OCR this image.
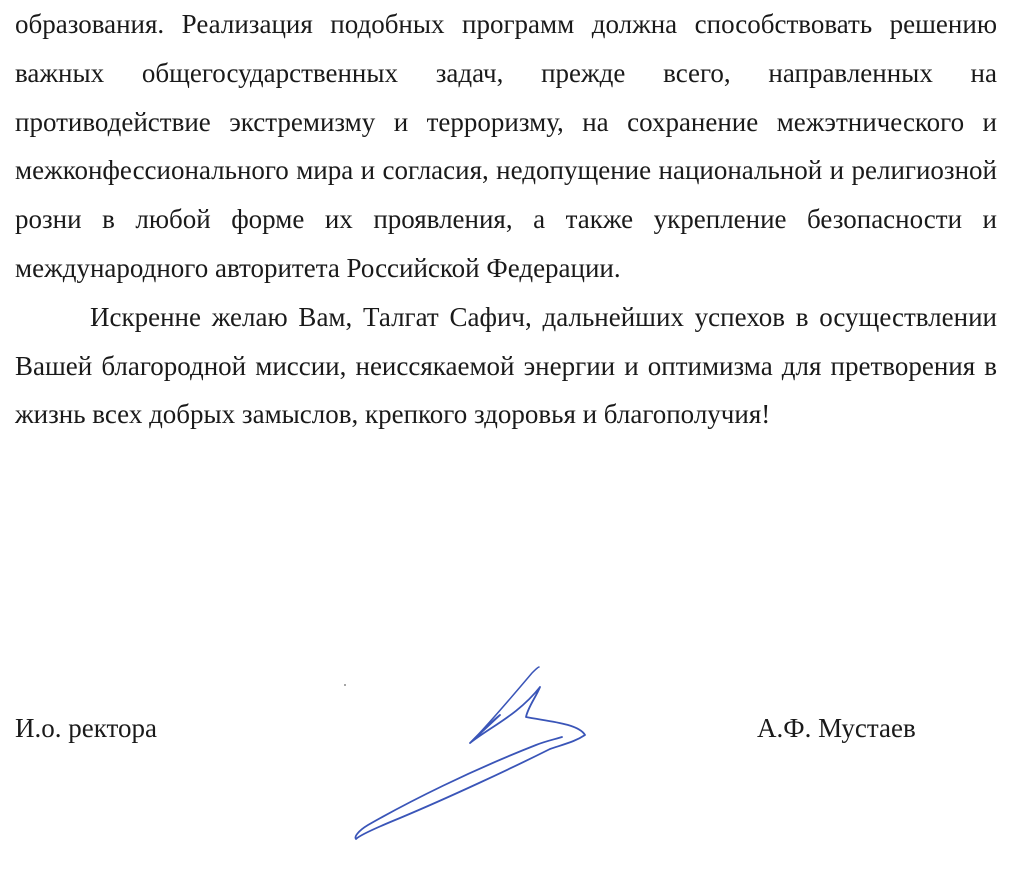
образования. Реализация подобных программ должна способствовать решению важных общегосударственных задач, прежде всего, направленных на противодействие экстремизму и терроризму, на сохранение межэтнического и межконфессионального мира и согласия, недопущение национальной и религиозной розни в любой форме их проявления, а также укрепление безопасности и международного авторитета Российской Федерации.

Искренне желаю Вам, Талгат Сафич, дальнейших успехов в осуществлении Вашей благородной миссии, неиссякаемой энергии и оптимизма для претворения в жизнь всех добрых замыслов, крепкого здоровья и благополучия!

И.о. ректора	А.Ф. Мустаев
